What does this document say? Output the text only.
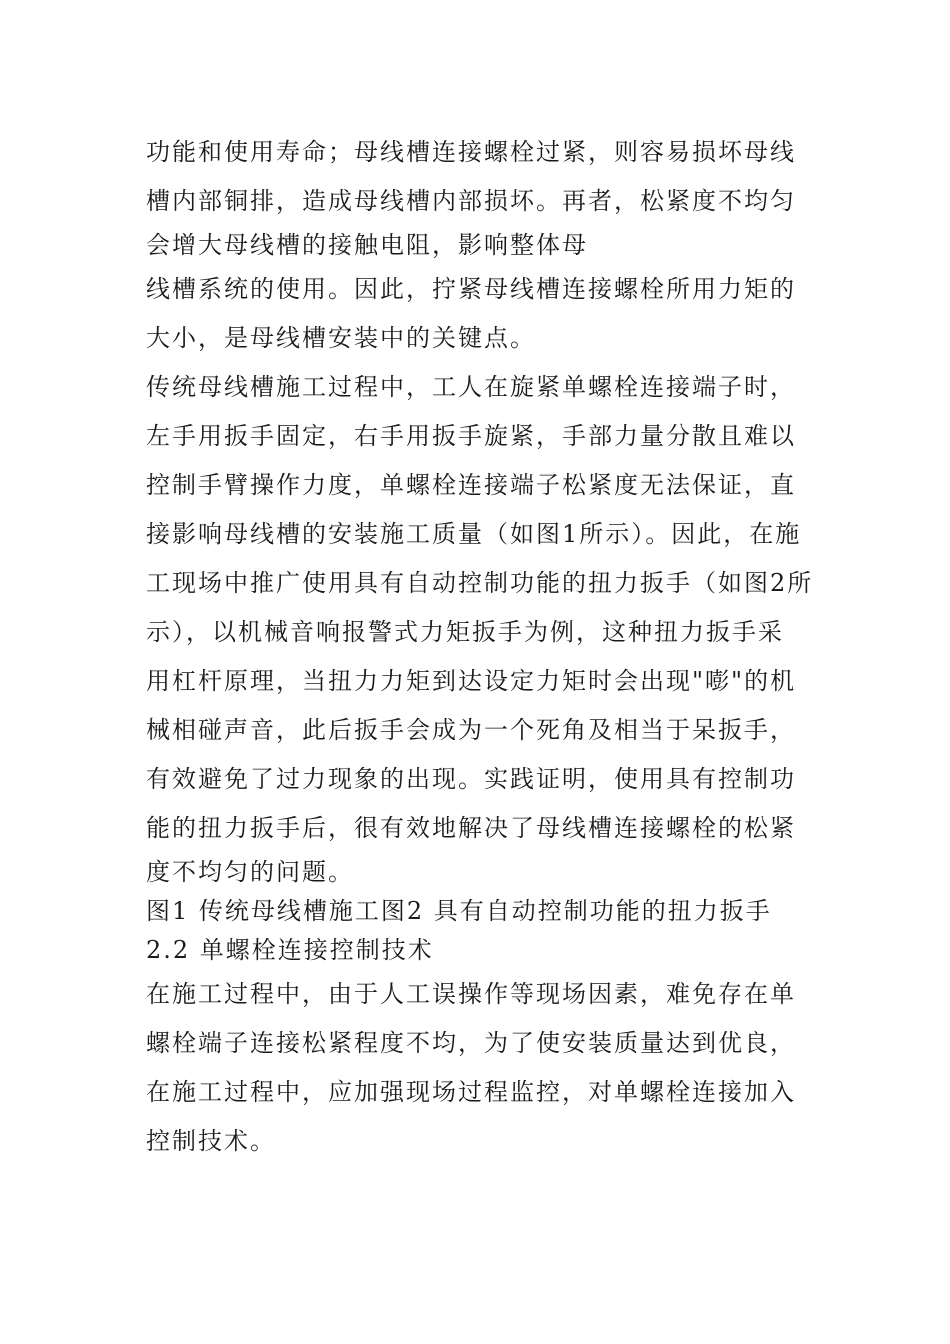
功能和使用寿命；母线槽连接螺栓过紧，则容易损坏母线
槽内部铜排，造成母线槽内部损坏。再者，松紧度不均匀
会增大母线槽的接触电阻，影响整体母
线槽系统的使用。因此，拧紧母线槽连接螺栓所用力矩的
大小，是母线槽安装中的关键点。
传统母线槽施工过程中，工人在旋紧单螺栓连接端子时，
左手用扳手固定，右手用扳手旋紧，手部力量分散且难以
控制手臂操作力度，单螺栓连接端子松紧度无法保证，直
接影响母线槽的安装施工质量（如图1所示）。因此，在施
工现场中推广使用具有自动控制功能的扭力扳手（如图2所
示），以机械音响报警式力矩扳手为例，这种扭力扳手采
用杠杆原理，当扭力力矩到达设定力矩时会出现"嘭"的机
械相碰声音，此后扳手会成为一个死角及相当于呆扳手，
有效避免了过力现象的出现。实践证明，使用具有控制功
能的扭力扳手后，很有效地解决了母线槽连接螺栓的松紧
度不均匀的问题。
图1 传统母线槽施工图2 具有自动控制功能的扭力扳手
2.2 单螺栓连接控制技术
在施工过程中，由于人工误操作等现场因素，难免存在单
螺栓端子连接松紧程度不均，为了使安装质量达到优良，
在施工过程中，应加强现场过程监控，对单螺栓连接加入
控制技术。
